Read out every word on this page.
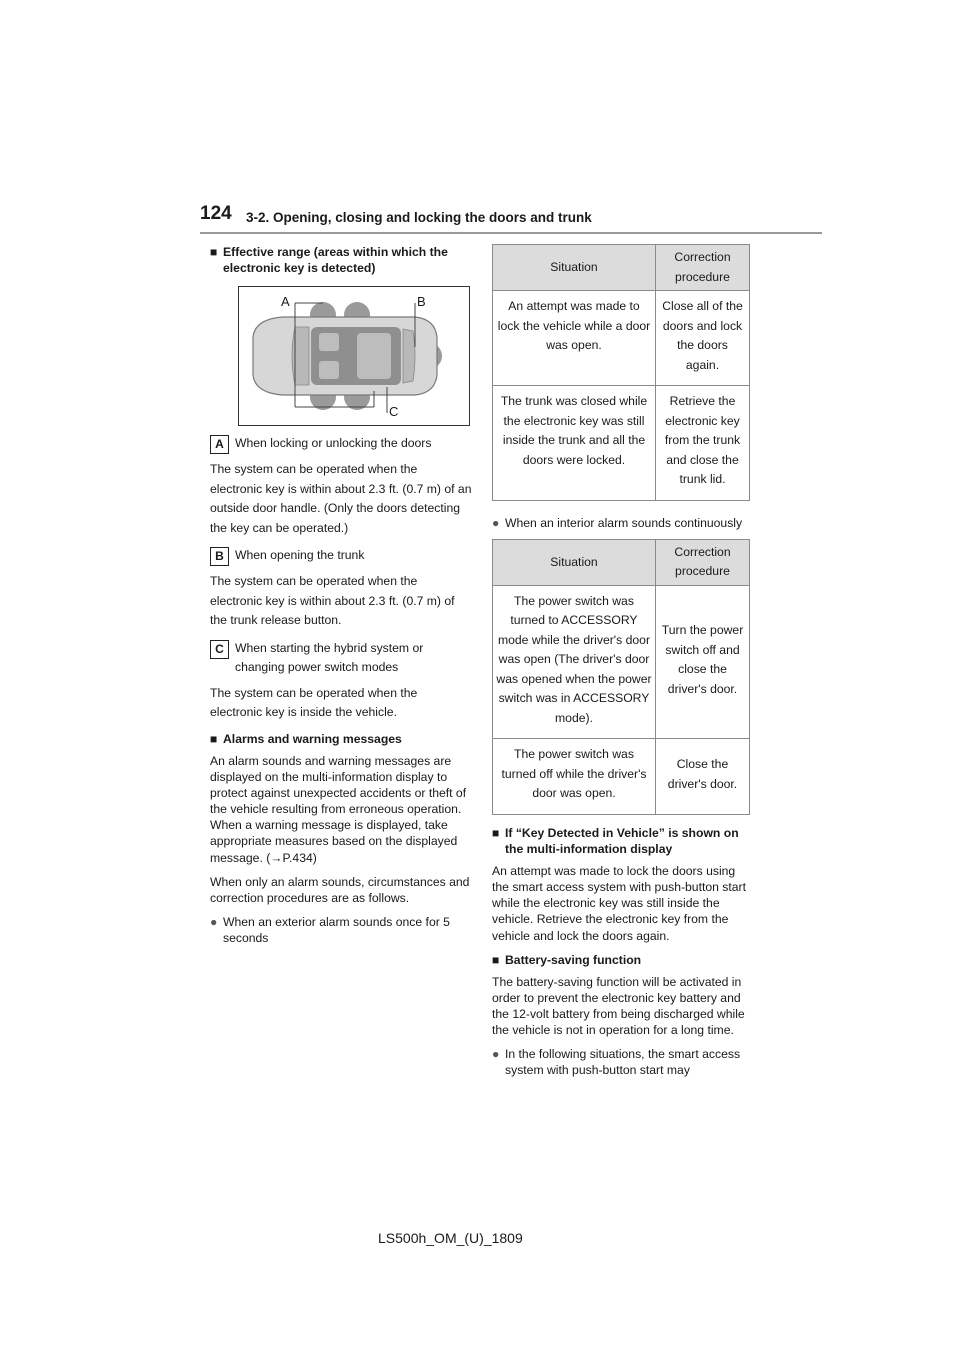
124 3-2. Opening, closing and locking the doors and trunk
■ Effective range (areas within which the electronic key is detected)
A	B
C
A When locking or unlocking the doors

The system can be operated when the electronic key is within about 2.3 ft. (0.7 m) of an outside door handle. (Only the doors detecting the key can be operated.)

B When opening the trunk

The system can be operated when the electronic key is within about 2.3 ft. (0.7 m) of the trunk release button.

C When starting the hybrid system or changing power switch modes

The system can be operated when the electronic key is inside the vehicle.

■ Alarms and warning messages

An alarm sounds and warning messages are displayed on the multi-information display to protect against unexpected accidents or theft of the vehicle resulting from erroneous operation. When a warning message is displayed, take appropriate measures based on the displayed message. (→P.434)

When only an alarm sounds, circumstances and correction procedures are as follows.

● When an exterior alarm sounds once for 5 seconds
Situation	Correction procedure
An attempt was made to lock the vehicle while a door was open.	Close all of the doors and lock the doors again.
The trunk was closed while the electronic key was still inside the trunk and all the doors were locked.	Retrieve the electronic key from the trunk and close the trunk lid.
● When an interior alarm sounds continuously
Situation	Correction procedure
The power switch was turned to ACCESSORY mode while the driver's door was open (The driver's door was opened when the power switch was in ACCESSORY mode).	Turn the power switch off and close the driver's door.
The power switch was turned off while the driver's door was open.	Close the driver's door.
■ If “Key Detected in Vehicle” is shown on the multi-information display

An attempt was made to lock the doors using the smart access system with push-button start while the electronic key was still inside the vehicle. Retrieve the electronic key from the vehicle and lock the doors again.

■ Battery-saving function

The battery-saving function will be activated in order to prevent the electronic key battery and the 12-volt battery from being discharged while the vehicle is not in operation for a long time.

● In the following situations, the smart access system with push-button start may
LS500h_OM_(U)_1809
